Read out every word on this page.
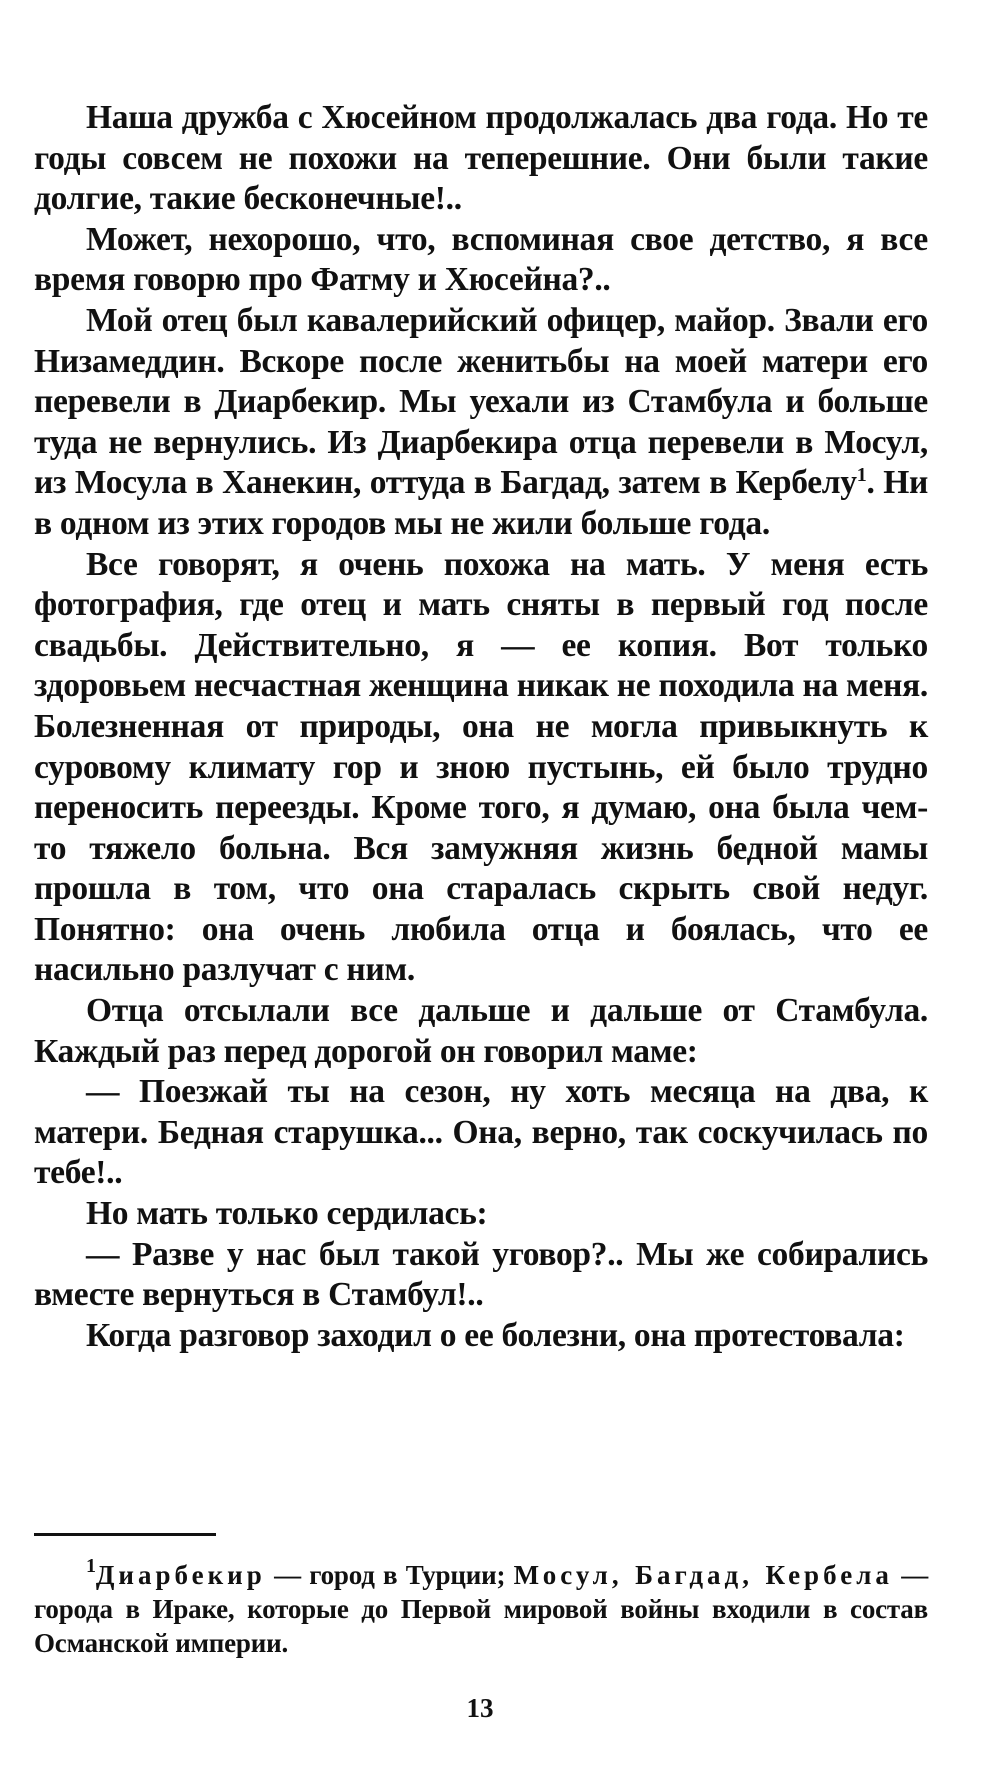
Наша дружба с Хюсейном продолжалась два года. Но те годы совсем не похожи на теперешние. Они были такие долгие, такие бесконечные!..

Может, нехорошо, что, вспоминая свое детство, я все время говорю про Фатму и Хюсейна?..

Мой отец был кавалерийский офицер, майор. Звали его Низамеддин. Вскоре после женитьбы на моей матери его перевели в Диарбекир. Мы уехали из Стамбула и больше туда не вернулись. Из Диарбекира отца перевели в Мосул, из Мосула в Ханекин, оттуда в Багдад, затем в Кербелу$^1$. Ни в одном из этих городов мы не жили больше года.

Все говорят, я очень похожа на мать. У меня есть фотография, где отец и мать сняты в первый год после свадьбы. Действительно, я — ее копия. Вот только здоровьем несчастная женщина никак не походила на меня. Болезненная от природы, она не могла привыкнуть к суровому климату гор и зною пустынь, ей было трудно переносить переезды. Кроме того, я думаю, она была чем-то тяжело больна. Вся замужняя жизнь бедной мамы прошла в том, что она старалась скрыть свой недуг. Понятно: она очень любила отца и боялась, что ее насильно разлучат с ним.

Отца отсылали все дальше и дальше от Стамбула. Каждый раз перед дорогой он говорил маме:

— Поезжай ты на сезон, ну хоть месяца на два, к матери. Бедная старушка... Она, верно, так соскучилась по тебе!..

Но мать только сердилась:

— Разве у нас был такой уговор?.. Мы же собирались вместе вернуться в Стамбул!..

Когда разговор заходил о ее болезни, она протестовала:

$^1$Диарбекир — город в Турции; Мосул, Багдад, Кербела — города в Ираке, которые до Первой мировой войны входили в состав Османской империи.

13
